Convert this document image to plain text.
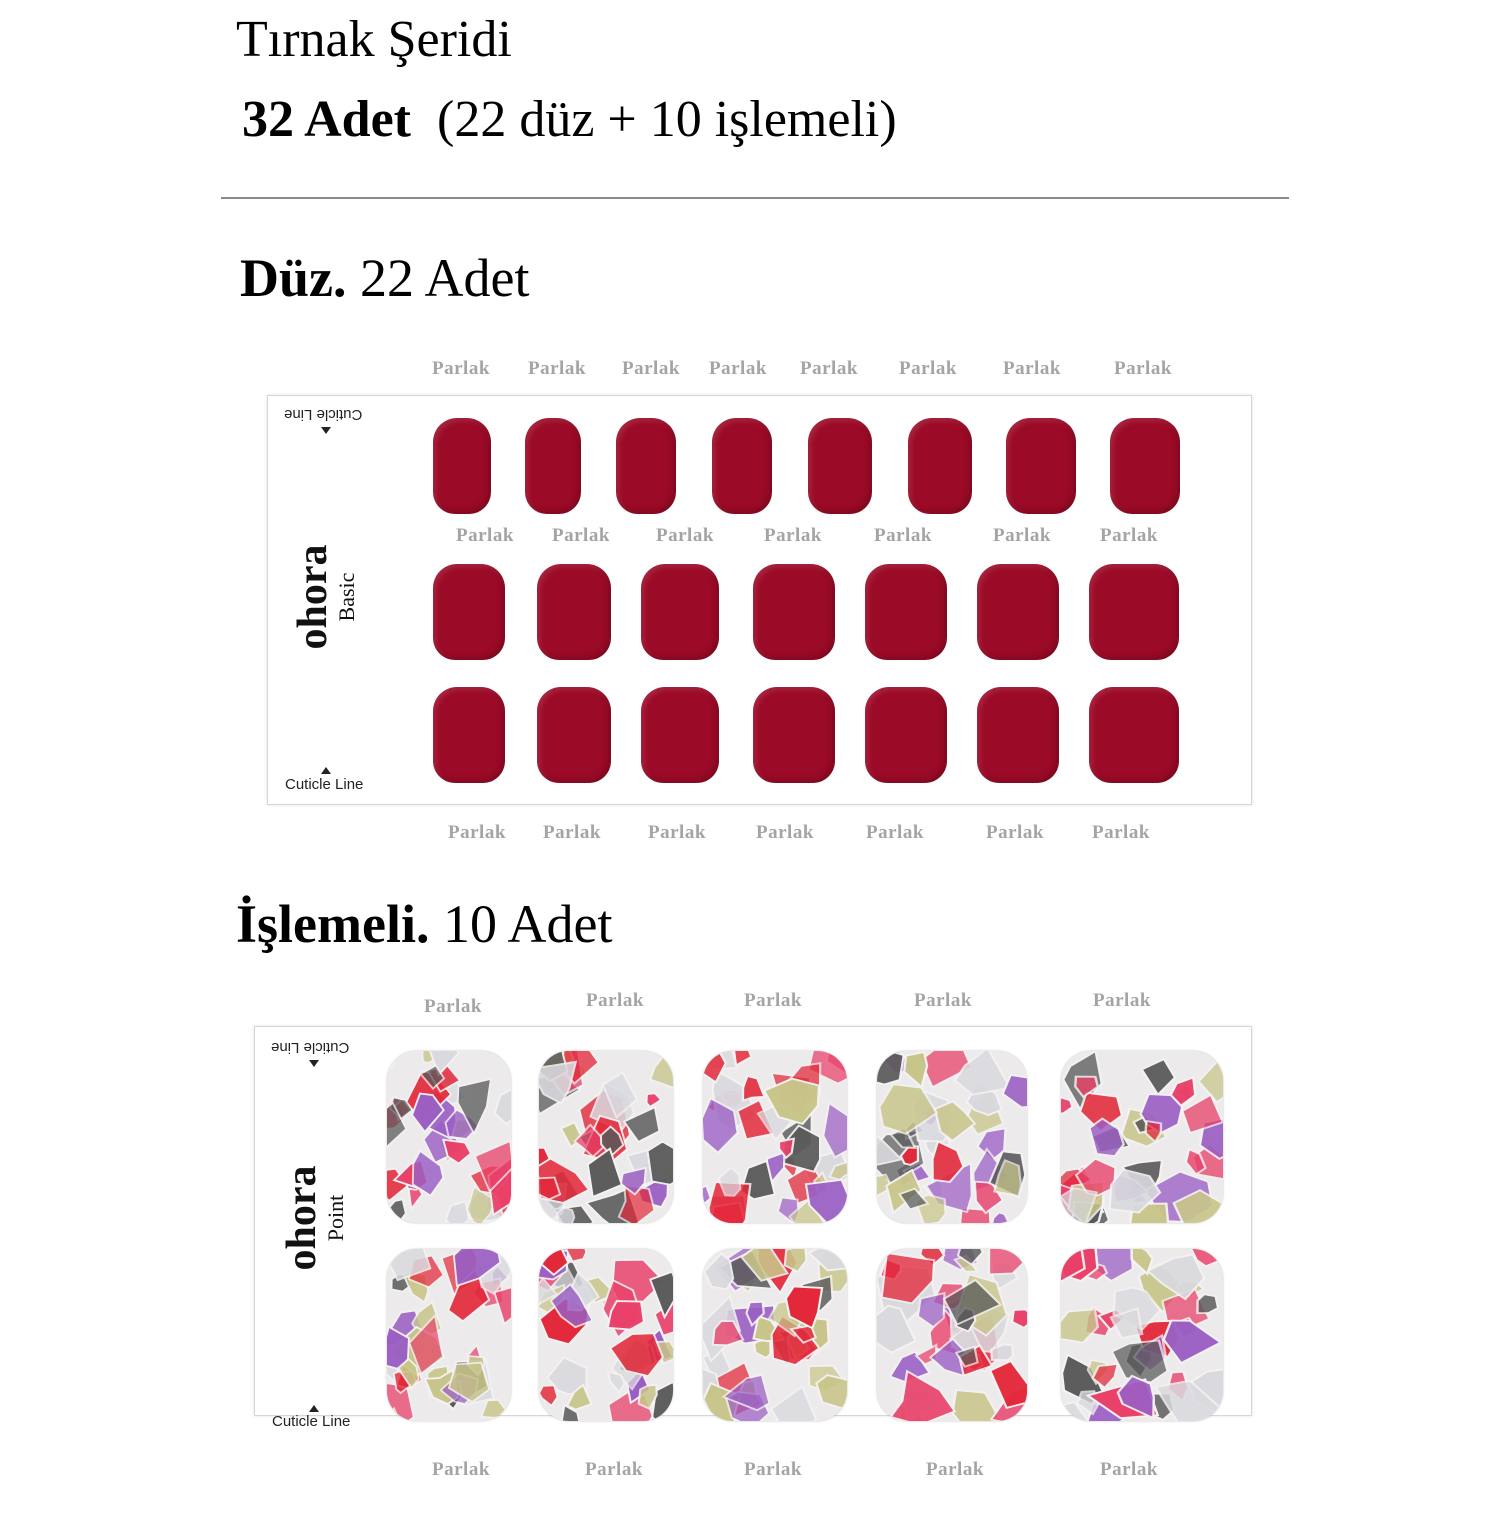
Tırnak Şeridi
32 Adet (22 düz + 10 işlemeli)
Düz. 22 Adet
Cuticle Line
ohora
Basic
Cuticle Line
Parlak Parlak Parlak Parlak Parlak Parlak Parlak	Parlak
Parlak Parlak Parlak	Parlak	Parlak	Parlak	Parlak
Parlak Parlak Parlak	Parlak	Parlak	Parlak	Parlak
İşlemeli. 10 Adet
Cuticle Line
ohora
Point
Cuticle Line
Parlak	Parlak	Parlak	Parlak	Parlak
Parlak	Parlak	Parlak	Parlak	Parlak
